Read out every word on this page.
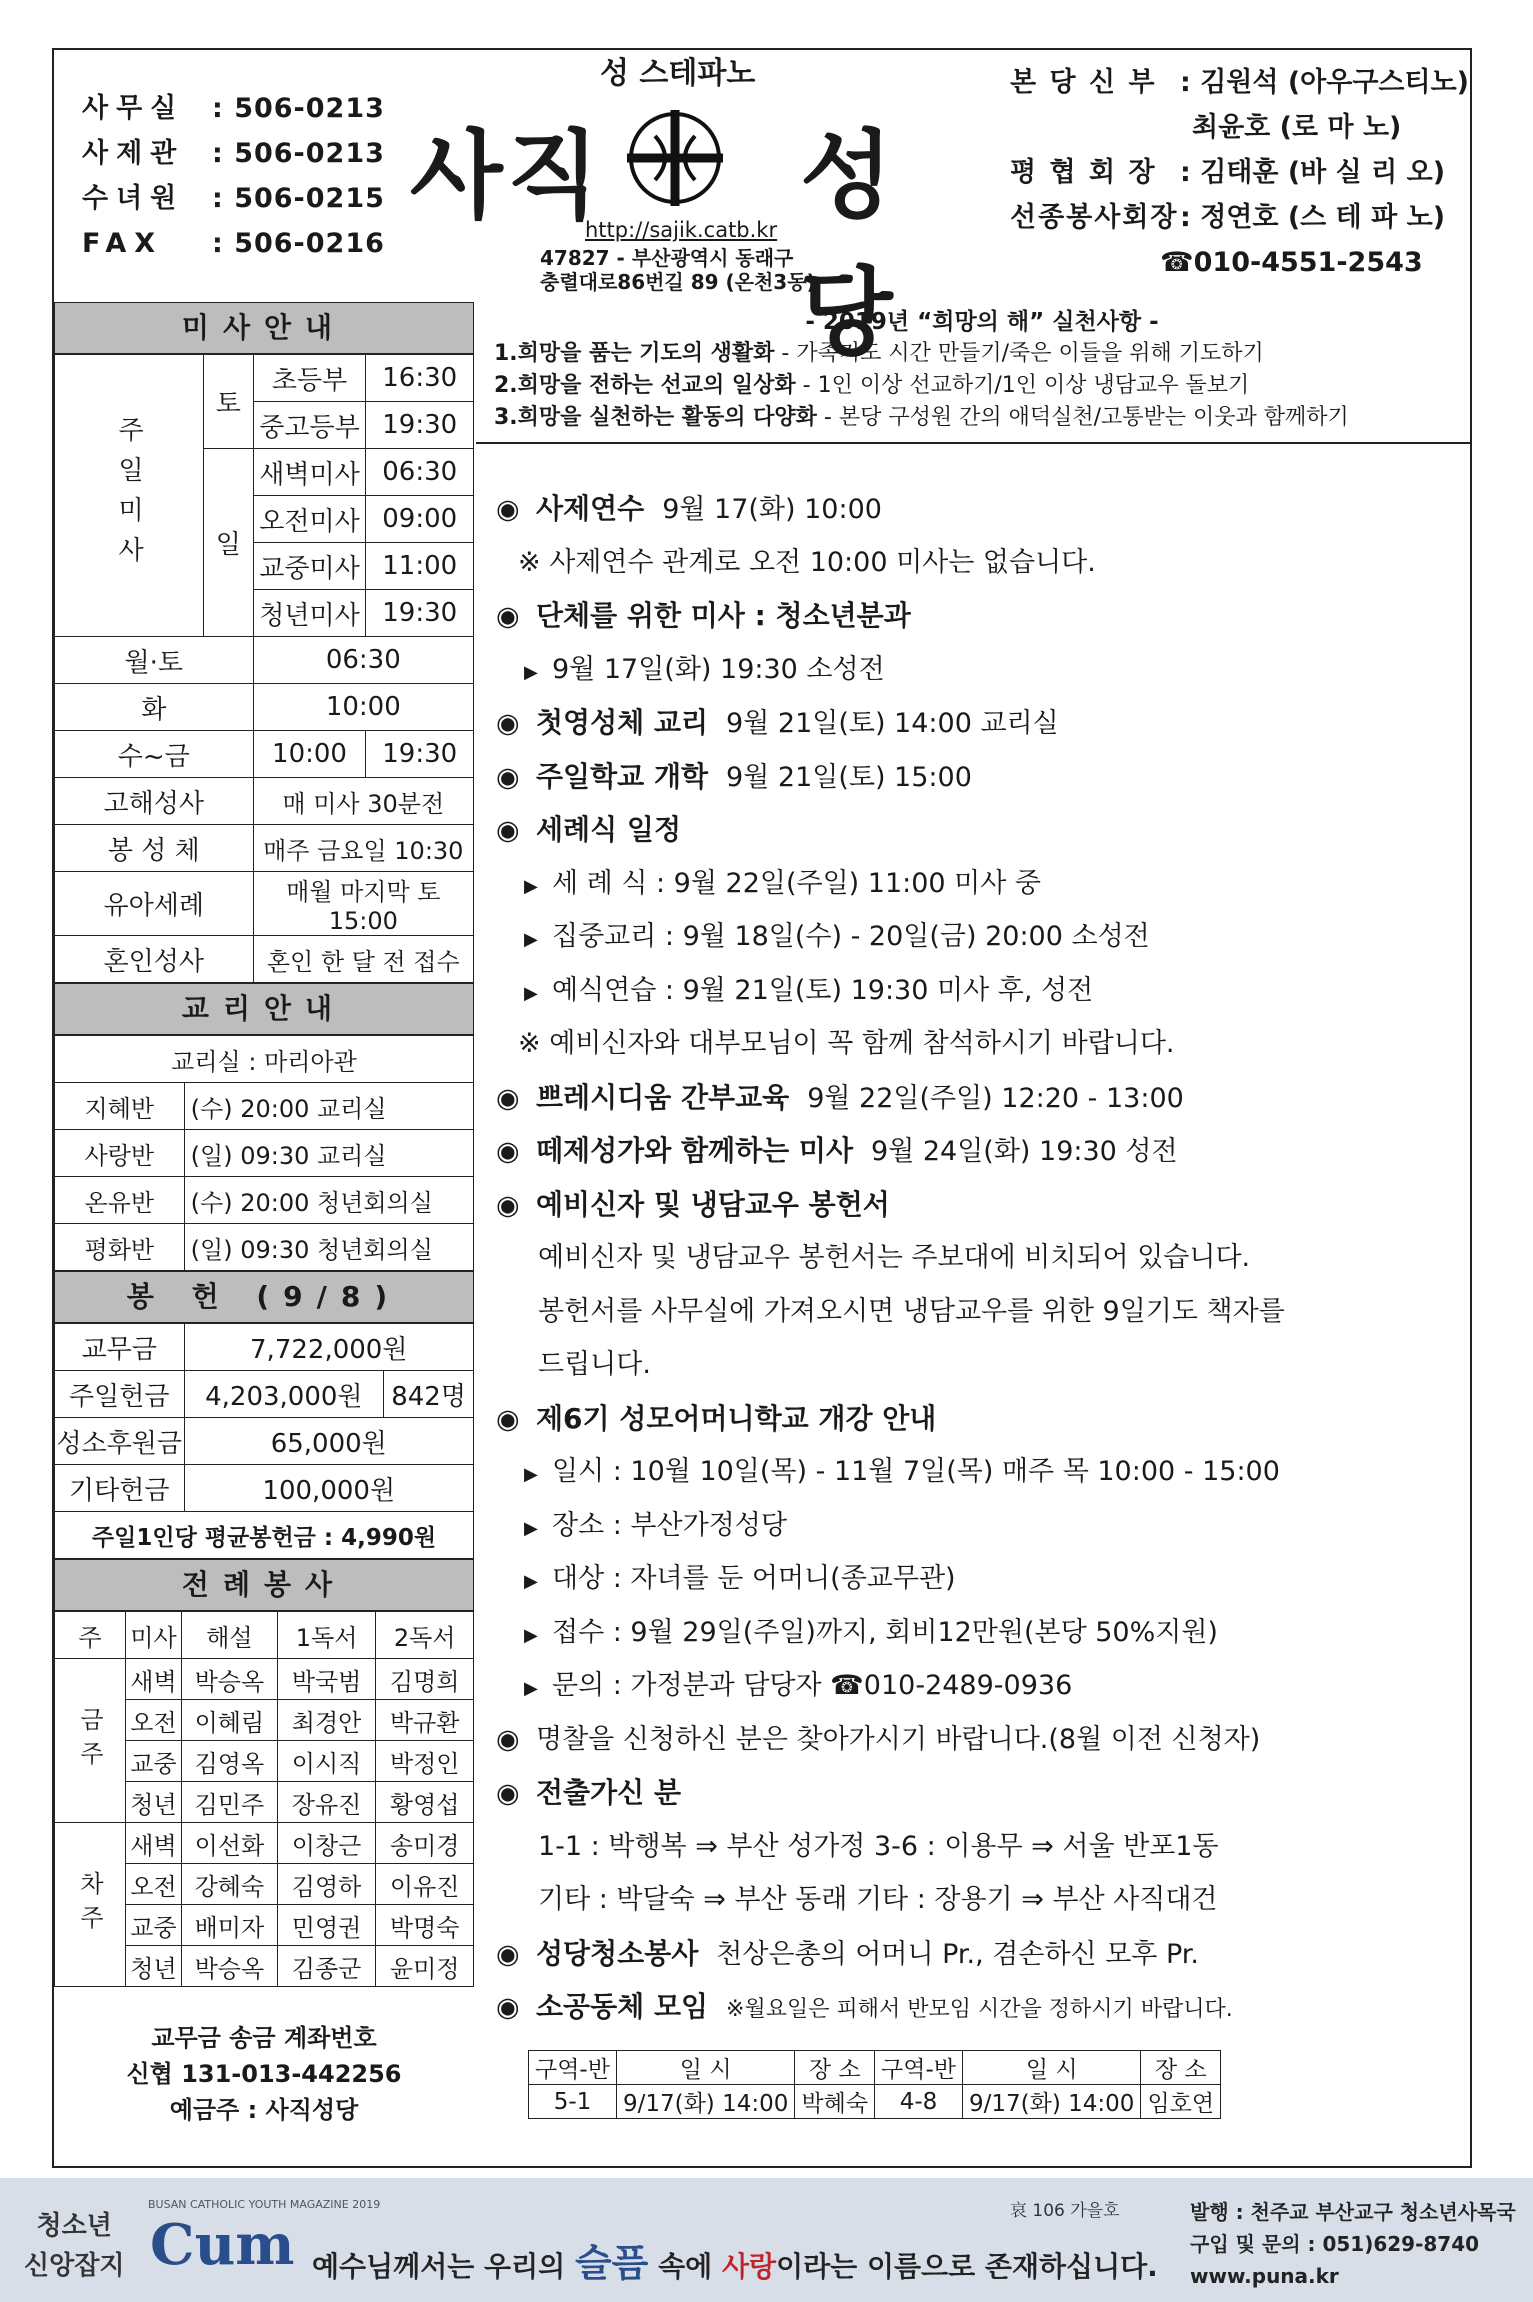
사무실	: 506-0213
사제관	: 506-0213
수녀원	: 506-0215
FAX	: 506-0216
성 스테파노
사직 성당
http://sajik.catb.kr
47827 - 부산광역시 동래구
충렬대로86번길 89 (온천3동)
본 당 신 부 : 김원석 (아우구스티노)
최윤호 (로 마 노)
평 협 회 장 : 김태훈 (바 실 리 오)
선종봉사회장: 정연호 (스 테 파 노)
☎010-4551-2543
미사안내
주일미사	토	초등부	16:30
		중고등부	19:30
	일	새벽미사	06:30
		오전미사	09:00
		교중미사	11:00
		청년미사	19:30
월·토		06:30	
화		10:00	
수~금		10:00	19:30
고해성사		매 미사 30분전	
봉 성 체		매주 금요일 10:30	
유아세례		매월 마지막 토 15:00	
혼인성사		혼인 한 달 전 접수	
교리안내
교리실 : 마리아관	
지혜반	(수) 20:00 교리실
사랑반	(일) 09:30 교리실
온유반	(수) 20:00 청년회의실
평화반	(일) 09:30 청년회의실
봉 헌 (9/8)
교무금	7,722,000원	
주일헌금	4,203,000원	842명
성소후원금	65,000원	
기타헌금	100,000원	
주일1인당 평균봉헌금 : 4,990원		
전례봉사
주	미사	해설	1독서	2독서
금주	새벽	박승옥	박국범	김명희
	오전	이혜림	최경안	박규환
	교중	김영옥	이시직	박정인
	청년	김민주	장유진	황영섭
차주	새벽	이선화	이창근	송미경
	오전	강혜숙	김영하	이유진
	교중	배미자	민영권	박명숙
	청년	박승옥	김종군	윤미정
교무금 송금 계좌번호
신협 131-013-442256
예금주 : 사직성당
- 2019년 “희망의 해” 실천사항 -
1.희망을 품는 기도의 생활화 - 가족기도 시간 만들기/죽은 이들을 위해 기도하기
2.희망을 전하는 선교의 일상화 - 1인 이상 선교하기/1인 이상 냉담교우 돌보기
3.희망을 실천하는 활동의 다양화 - 본당 구성원 간의 애덕실천/고통받는 이웃과 함께하기
◉ 사제연수 9월 17(화) 10:00
※ 사제연수 관계로 오전 10:00 미사는 없습니다.
◉ 단체를 위한 미사 : 청소년분과
▶ 9월 17일(화) 19:30 소성전
◉ 첫영성체 교리 9월 21일(토) 14:00 교리실
◉ 주일학교 개학 9월 21일(토) 15:00
◉ 세례식 일정
▶ 세 례 식 : 9월 22일(주일) 11:00 미사 중
▶ 집중교리 : 9월 18일(수) - 20일(금) 20:00 소성전
▶ 예식연습 : 9월 21일(토) 19:30 미사 후, 성전
※ 예비신자와 대부모님이 꼭 함께 참석하시기 바랍니다.
◉ 쁘레시디움 간부교육 9월 22일(주일) 12:20 - 13:00
◉ 떼제성가와 함께하는 미사 9월 24일(화) 19:30 성전
◉ 예비신자 및 냉담교우 봉헌서
예비신자 및 냉담교우 봉헌서는 주보대에 비치되어 있습니다.
봉헌서를 사무실에 가져오시면 냉담교우를 위한 9일기도 책자를
드립니다.
◉ 제6기 성모어머니학교 개강 안내
▶ 일시 : 10월 10일(목) - 11월 7일(목) 매주 목 10:00 - 15:00
▶ 장소 : 부산가정성당
▶ 대상 : 자녀를 둔 어머니(종교무관)
▶ 접수 : 9월 29일(주일)까지, 회비12만원(본당 50%지원)
▶ 문의 : 가정분과 담당자 ☎010-2489-0936
◉ 명찰을 신청하신 분은 찾아가시기 바랍니다.(8월 이전 신청자)
◉ 전출가신 분
1-1 : 박행복 ⇒ 부산 성가정 3-6 : 이용무 ⇒ 서울 반포1동
기타 : 박달숙 ⇒ 부산 동래 기타 : 장용기 ⇒ 부산 사직대건
◉ 성당청소봉사 천상은총의 어머니 Pr., 겸손하신 모후 Pr.
◉ 소공동체 모임 ※월요일은 피해서 반모임 시간을 정하시기 바랍니다.
구역-반	일 시	장 소	구역-반	일 시	장 소
5-1	9/17(화) 14:00	박혜숙	4-8	9/17(화) 14:00	임호연
청소년
신앙잡지
BUSAN CATHOLIC YOUTH MAGAZINE 2019
Cum 예수님께서는 우리의 슬픔 속에 사랑이라는 이름으로 존재하십니다.
哀 106 가을호	발행 : 천주교 부산교구 청소년사목국
구입 및 문의 : 051)629-8740
www.puna.kr
